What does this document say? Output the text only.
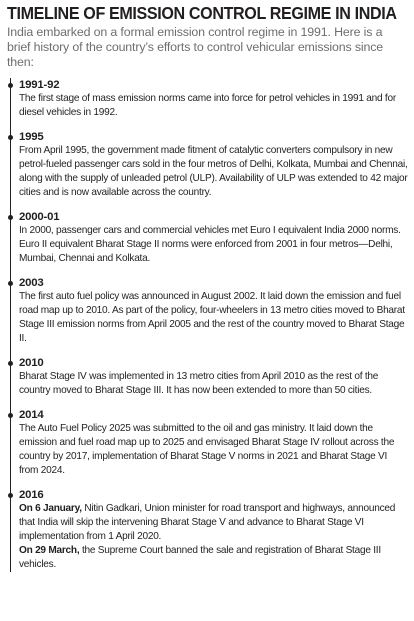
TIMELINE OF EMISSION CONTROL REGIME IN INDIA

India embarked on a formal emission control regime in 1991. Here is a brief history of the country’s efforts to control vehicular emissions since then:

1991-92

The first stage of mass emission norms came into force for petrol vehicles in 1991 and for diesel vehicles in 1992.

1995

From April 1995, the government made fitment of catalytic converters compulsory in new petrol-fueled passenger cars sold in the four metros of Delhi, Kolkata, Mumbai and Chennai, along with the supply of unleaded petrol (ULP). Availability of ULP was extended to 42 major cities and is now available across the country.

2000-01

In 2000, passenger cars and commercial vehicles met Euro I equivalent India 2000 norms. Euro II equivalent Bharat Stage II norms were enforced from 2001 in four metros—Delhi, Mumbai, Chennai and Kolkata.

2003

The first auto fuel policy was announced in August 2002. It laid down the emission and fuel road map up to 2010. As part of the policy, four-wheelers in 13 metro cities moved to Bharat Stage III emission norms from April 2005 and the rest of the country moved to Bharat Stage II.

2010

Bharat Stage IV was implemented in 13 metro cities from April 2010 as the rest of the country moved to Bharat Stage III. It has now been extended to more than 50 cities.

2014

The Auto Fuel Policy 2025 was submitted to the oil and gas ministry. It laid down the emission and fuel road map up to 2025 and envisaged Bharat Stage IV rollout across the country by 2017, implementation of Bharat Stage V norms in 2021 and Bharat Stage VI from 2024.

2016

On 6 January, Nitin Gadkari, Union minister for road transport and highways, announced that India will skip the intervening Bharat Stage V and advance to Bharat Stage VI implementation from 1 April 2020.

On 29 March, the Supreme Court banned the sale and registration of Bharat Stage III vehicles.
